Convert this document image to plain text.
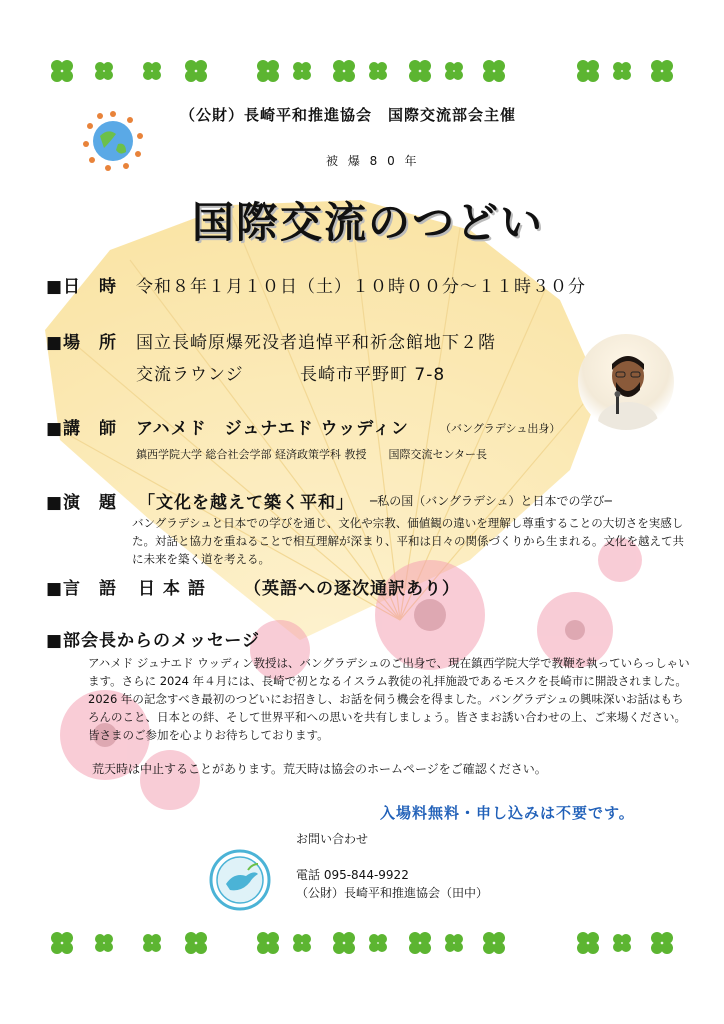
（公財）長崎平和推進協会　国際交流部会主催
被 爆 8 0 年
国際交流のつどい
■日　時 令和８年１月１０日（土）１０時００分～１１時３０分
■場　所 国立長崎原爆死没者追悼平和祈念館地下２階
交流ラウンジ	長崎市平野町 7-8
■講　師 アハメド　ジュナエド ウッディン	（バングラデシュ出身）
鎮西学院大学 総合社会学部 経済政策学科 教授　　国際交流センター長
■演　題 「文化を越えて築く平和」 ─私の国（バングラデシュ）と日本での学び─
バングラデシュと日本での学びを通じ、文化や宗教、価値観の違いを理解し尊重することの大切さを実感した。対話と協力を重ねることで相互理解が深まり、平和は日々の関係づくりから生まれる。文化を越えて共に未来を築く道を考える。
■言　語 日 本 語 （英語への逐次通訳あり）
■部会長からのメッセージ
アハメド ジュナエド ウッディン教授は、バングラデシュのご出身で、現在鎮西学院大学で教鞭を執っていらっしゃいます。さらに 2024 年４月には、長崎で初となるイスラム教徒の礼拝施設であるモスクを長崎市に開設されました。2026 年の記念すべき最初のつどいにお招きし、お話を伺う機会を得ました。バングラデシュの興味深いお話はもちろんのこと、日本との絆、そして世界平和への思いを共有しましょう。皆さまお誘い合わせの上、ご来場ください。皆さまのご参加を心よりお待ちしております。
荒天時は中止することがあります。荒天時は協会のホームページをご確認ください。
入場料無料・申し込みは不要です。
お問い合わせ
電話 095-844-9922
（公財）長崎平和推進協会（田中）
